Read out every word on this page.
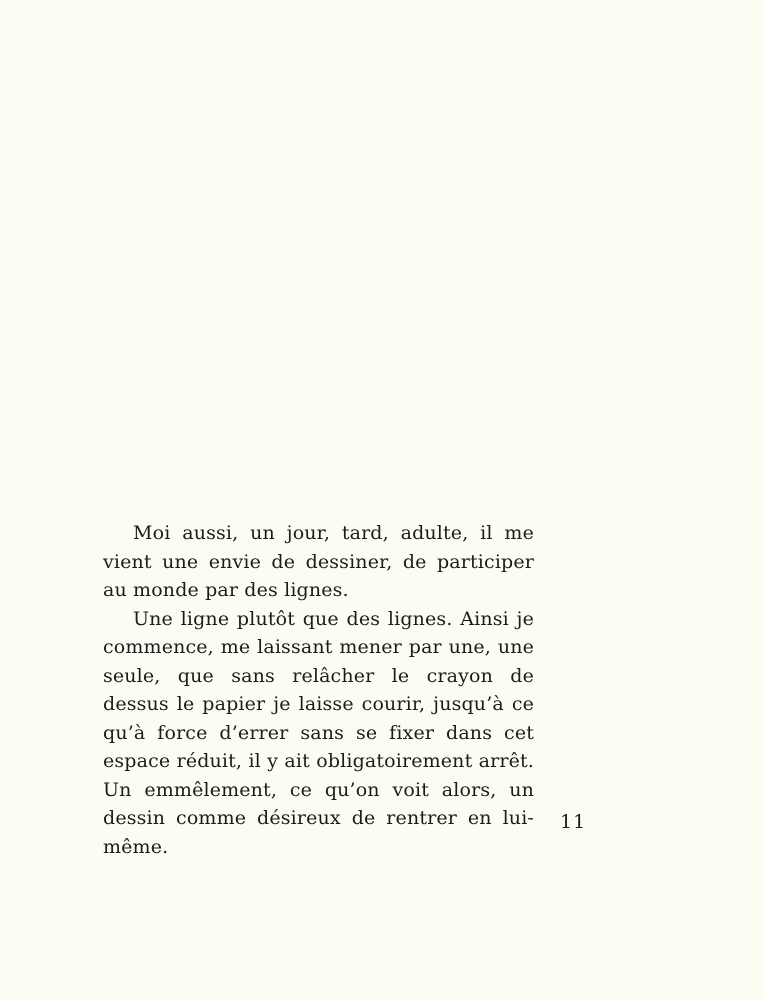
Moi aussi, un jour, tard, adulte, il me vient une envie de dessiner, de participer au monde par des lignes.

Une ligne plutôt que des lignes. Ainsi je commence, me laissant mener par une, une seule, que sans relâcher le crayon de dessus le papier je laisse courir, jusqu’à ce qu’à force d’errer sans se fixer dans cet espace réduit, il y ait obligatoirement arrêt. Un emmêlement, ce qu’on voit alors, un dessin comme désireux de rentrer en lui-même.

11
